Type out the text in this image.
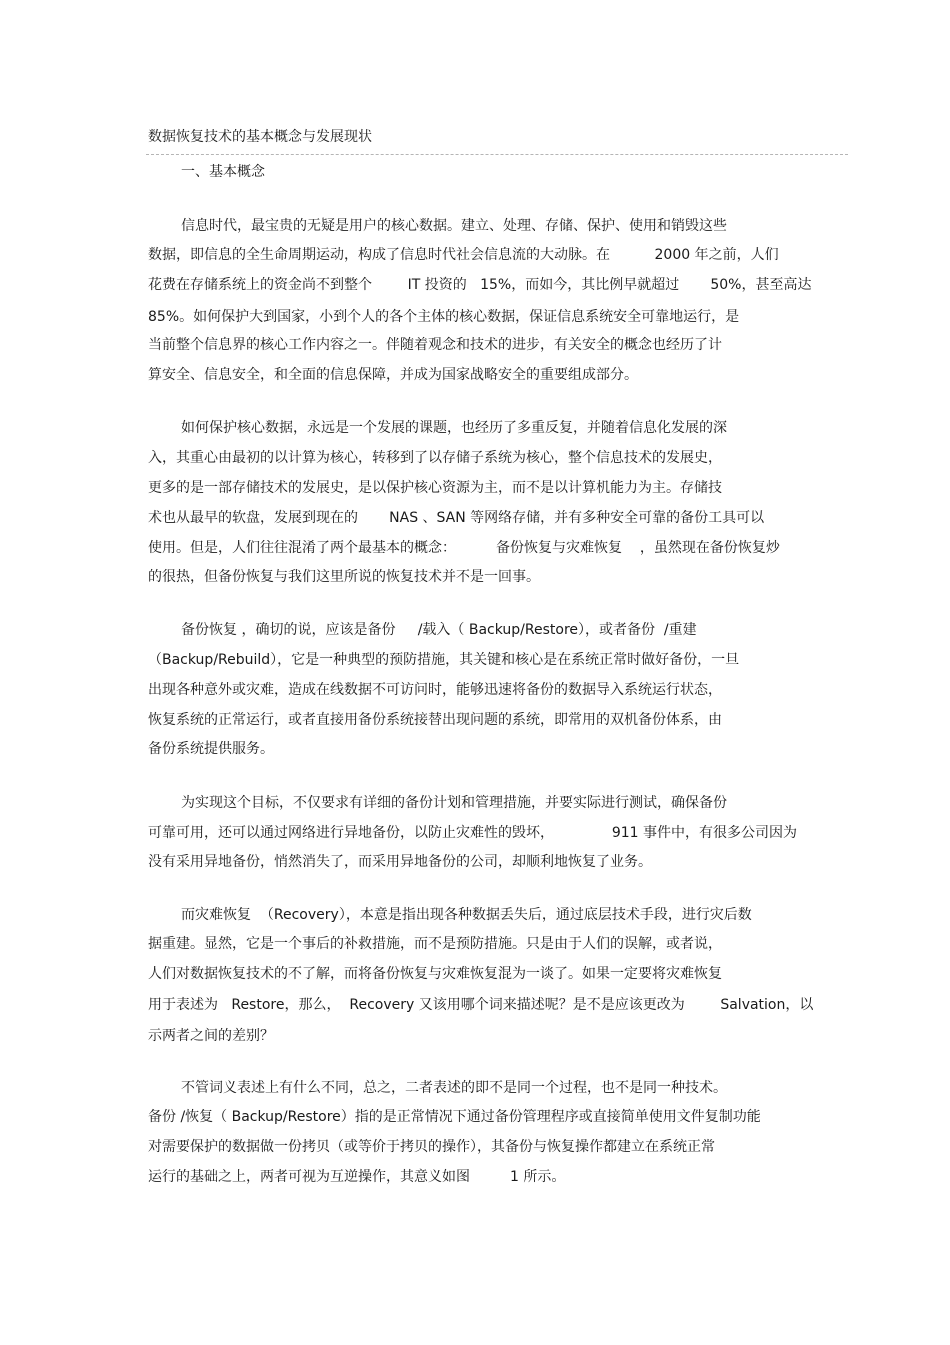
数据恢复技术的基本概念与发展现状
一、基本概念
信息时代，最宝贵的无疑是用户的核心数据。建立、处理、存储、保护、使用和销毁这些
数据，即信息的全生命周期运动，构成了信息时代社会信息流的大动脉。在          2000 年之前，人们
花费在存储系统上的资金尚不到整个        IT 投资的   15%，而如今，其比例早就超过       50%，甚至高达
85%。如何保护大到国家，小到个人的各个主体的核心数据，保证信息系统安全可靠地运行，是
当前整个信息界的核心工作内容之一。伴随着观念和技术的进步，有关安全的概念也经历了计
算安全、信息安全，和全面的信息保障，并成为国家战略安全的重要组成部分。
如何保护核心数据，永远是一个发展的课题，也经历了多重反复，并随着信息化发展的深
入，其重心由最初的以计算为核心，转移到了以存储子系统为核心，整个信息技术的发展史，
更多的是一部存储技术的发展史，是以保护核心资源为主，而不是以计算机能力为主。存储技
术也从最早的软盘，发展到现在的       NAS 、SAN 等网络存储，并有多种安全可靠的备份工具可以
使用。但是，人们往往混淆了两个最基本的概念：         备份恢复与灾难恢复    ，虽然现在备份恢复炒
的很热，但备份恢复与我们这里所说的恢复技术并不是一回事。
备份恢复 ，确切的说，应该是备份     /载入（ Backup/Restore），或者备份  /重建
（Backup/Rebuild），它是一种典型的预防措施，其关键和核心是在系统正常时做好备份，一旦
出现各种意外或灾难，造成在线数据不可访问时，能够迅速将备份的数据导入系统运行状态，
恢复系统的正常运行，或者直接用备份系统接替出现问题的系统，即常用的双机备份体系，由
备份系统提供服务。
为实现这个目标，不仅要求有详细的备份计划和管理措施，并要实际进行测试，确保备份
可靠可用，还可以通过网络进行异地备份，以防止灾难性的毁坏，             911 事件中，有很多公司因为
没有采用异地备份，悄然消失了，而采用异地备份的公司，却顺利地恢复了业务。
而灾难恢复  （Recovery），本意是指出现各种数据丢失后，通过底层技术手段，进行灾后数
据重建。显然，它是一个事后的补救措施，而不是预防措施。只是由于人们的误解，或者说，
人们对数据恢复技术的不了解，而将备份恢复与灾难恢复混为一谈了。如果一定要将灾难恢复
用于表述为   Restore，那么，  Recovery 又该用哪个词来描述呢？是不是应该更改为        Salvation，以
示两者之间的差别？
不管词义表述上有什么不同，总之，二者表述的即不是同一个过程，也不是同一种技术。
备份 /恢复（ Backup/Restore）指的是正常情况下通过备份管理程序或直接简单使用文件复制功能
对需要保护的数据做一份拷贝（或等价于拷贝的操作），其备份与恢复操作都建立在系统正常
运行的基础之上，两者可视为互逆操作，其意义如图         1 所示。
